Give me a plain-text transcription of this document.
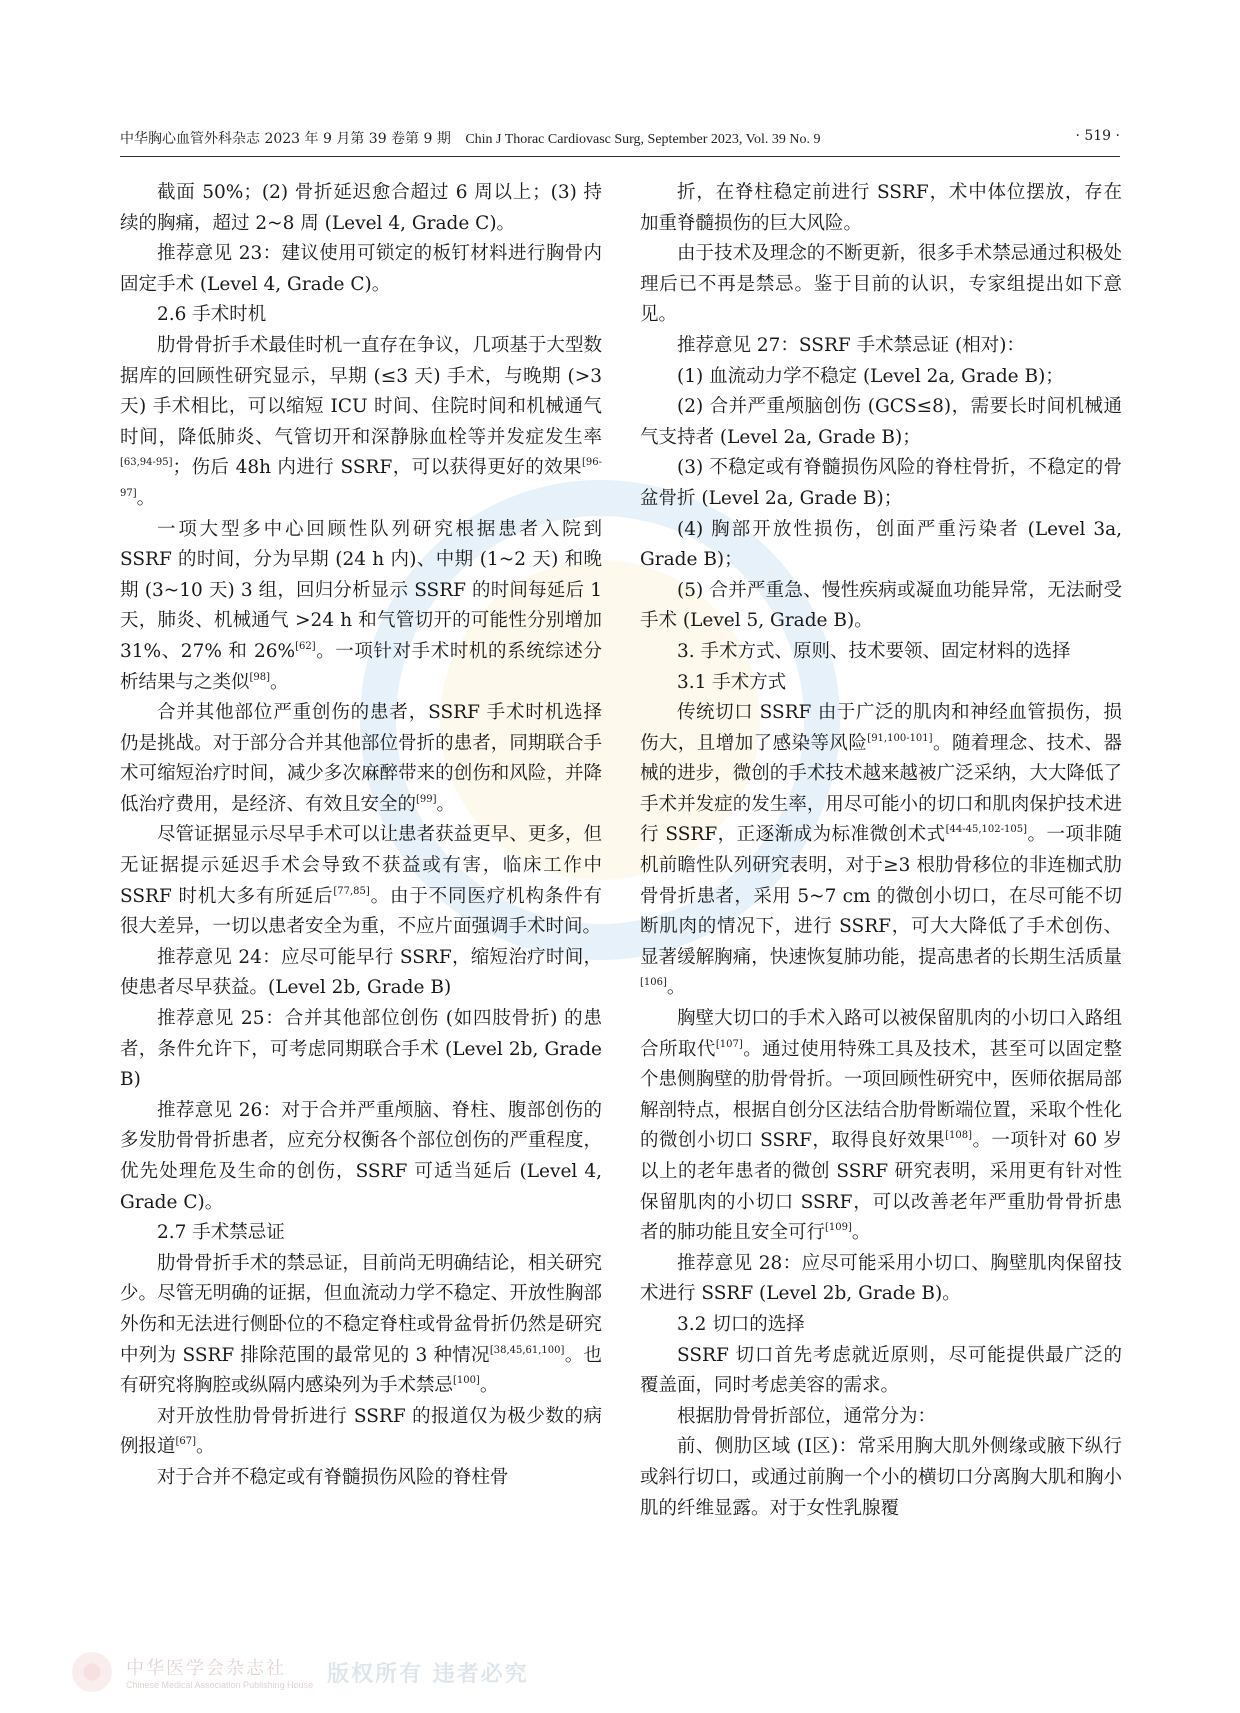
中华胸心血管外科杂志 2023 年 9 月第 39 卷第 9 期 Chin J Thorac Cardiovasc Surg, September 2023, Vol. 39 No. 9	· 519 ·

截面 50%；(2) 骨折延迟愈合超过 6 周以上；(3) 持续的胸痛，超过 2~8 周 (Level 4, Grade C)。

推荐意见 23：建议使用可锁定的板钉材料进行胸骨内固定手术 (Level 4, Grade C)。

2.6 手术时机

肋骨骨折手术最佳时机一直存在争议，几项基于大型数据库的回顾性研究显示，早期 (≤3 天) 手术，与晚期 (>3 天) 手术相比，可以缩短 ICU 时间、住院时间和机械通气时间，降低肺炎、气管切开和深静脉血栓等并发症发生率[63,94-95]；伤后 48h 内进行 SSRF，可以获得更好的效果[96-97]。

一项大型多中心回顾性队列研究根据患者入院到 SSRF 的时间，分为早期 (24 h 内)、中期 (1~2 天) 和晚期 (3~10 天) 3 组，回归分析显示 SSRF 的时间每延后 1 天，肺炎、机械通气 >24 h 和气管切开的可能性分别增加 31%、27% 和 26%[62]。一项针对手术时机的系统综述分析结果与之类似[98]。

合并其他部位严重创伤的患者，SSRF 手术时机选择仍是挑战。对于部分合并其他部位骨折的患者，同期联合手术可缩短治疗时间，减少多次麻醉带来的创伤和风险，并降低治疗费用，是经济、有效且安全的[99]。

尽管证据显示尽早手术可以让患者获益更早、更多，但无证据提示延迟手术会导致不获益或有害，临床工作中 SSRF 时机大多有所延后[77,85]。由于不同医疗机构条件有很大差异，一切以患者安全为重，不应片面强调手术时间。

推荐意见 24：应尽可能早行 SSRF，缩短治疗时间，使患者尽早获益。(Level 2b, Grade B)

推荐意见 25：合并其他部位创伤 (如四肢骨折) 的患者，条件允许下，可考虑同期联合手术 (Level 2b, Grade B)

推荐意见 26：对于合并严重颅脑、脊柱、腹部创伤的多发肋骨骨折患者，应充分权衡各个部位创伤的严重程度，优先处理危及生命的创伤，SSRF 可适当延后 (Level 4, Grade C)。

2.7 手术禁忌证

肋骨骨折手术的禁忌证，目前尚无明确结论，相关研究少。尽管无明确的证据，但血流动力学不稳定、开放性胸部外伤和无法进行侧卧位的不稳定脊柱或骨盆骨折仍然是研究中列为 SSRF 排除范围的最常见的 3 种情况[38,45,61,100]。也有研究将胸腔或纵隔内感染列为手术禁忌[100]。

对开放性肋骨骨折进行 SSRF 的报道仅为极少数的病例报道[67]。

对于合并不稳定或有脊髓损伤风险的脊柱骨

折，在脊柱稳定前进行 SSRF，术中体位摆放，存在加重脊髓损伤的巨大风险。

由于技术及理念的不断更新，很多手术禁忌通过积极处理后已不再是禁忌。鉴于目前的认识，专家组提出如下意见。

推荐意见 27：SSRF 手术禁忌证 (相对)：

(1) 血流动力学不稳定 (Level 2a, Grade B)；

(2) 合并严重颅脑创伤 (GCS≤8)，需要长时间机械通气支持者 (Level 2a, Grade B)；

(3) 不稳定或有脊髓损伤风险的脊柱骨折，不稳定的骨盆骨折 (Level 2a, Grade B)；

(4) 胸部开放性损伤，创面严重污染者 (Level 3a, Grade B)；

(5) 合并严重急、慢性疾病或凝血功能异常，无法耐受手术 (Level 5, Grade B)。

3. 手术方式、原则、技术要领、固定材料的选择

3.1 手术方式

传统切口 SSRF 由于广泛的肌肉和神经血管损伤，损伤大，且增加了感染等风险[91,100-101]。随着理念、技术、器械的进步，微创的手术技术越来越被广泛采纳，大大降低了手术并发症的发生率，用尽可能小的切口和肌肉保护技术进行 SSRF，正逐渐成为标准微创术式[44-45,102-105]。一项非随机前瞻性队列研究表明，对于≥3 根肋骨移位的非连枷式肋骨骨折患者，采用 5~7 cm 的微创小切口，在尽可能不切断肌肉的情况下，进行 SSRF，可大大降低了手术创伤、显著缓解胸痛，快速恢复肺功能，提高患者的长期生活质量[106]。

胸壁大切口的手术入路可以被保留肌肉的小切口入路组合所取代[107]。通过使用特殊工具及技术，甚至可以固定整个患侧胸壁的肋骨骨折。一项回顾性研究中，医师依据局部解剖特点，根据自创分区法结合肋骨断端位置，采取个性化的微创小切口 SSRF，取得良好效果[108]。一项针对 60 岁以上的老年患者的微创 SSRF 研究表明，采用更有针对性保留肌肉的小切口 SSRF，可以改善老年严重肋骨骨折患者的肺功能且安全可行[109]。

推荐意见 28：应尽可能采用小切口、胸壁肌肉保留技术进行 SSRF (Level 2b, Grade B)。

3.2 切口的选择

SSRF 切口首先考虑就近原则，尽可能提供最广泛的覆盖面，同时考虑美容的需求。

根据肋骨骨折部位，通常分为：

前、侧肋区域 (Ⅰ区)：常采用胸大肌外侧缘或腋下纵行或斜行切口，或通过前胸一个小的横切口分离胸大肌和胸小肌的纤维显露。对于女性乳腺覆

中华医学会杂志社
Chinese Medical Association Publishing House 版权所有 违者必究
